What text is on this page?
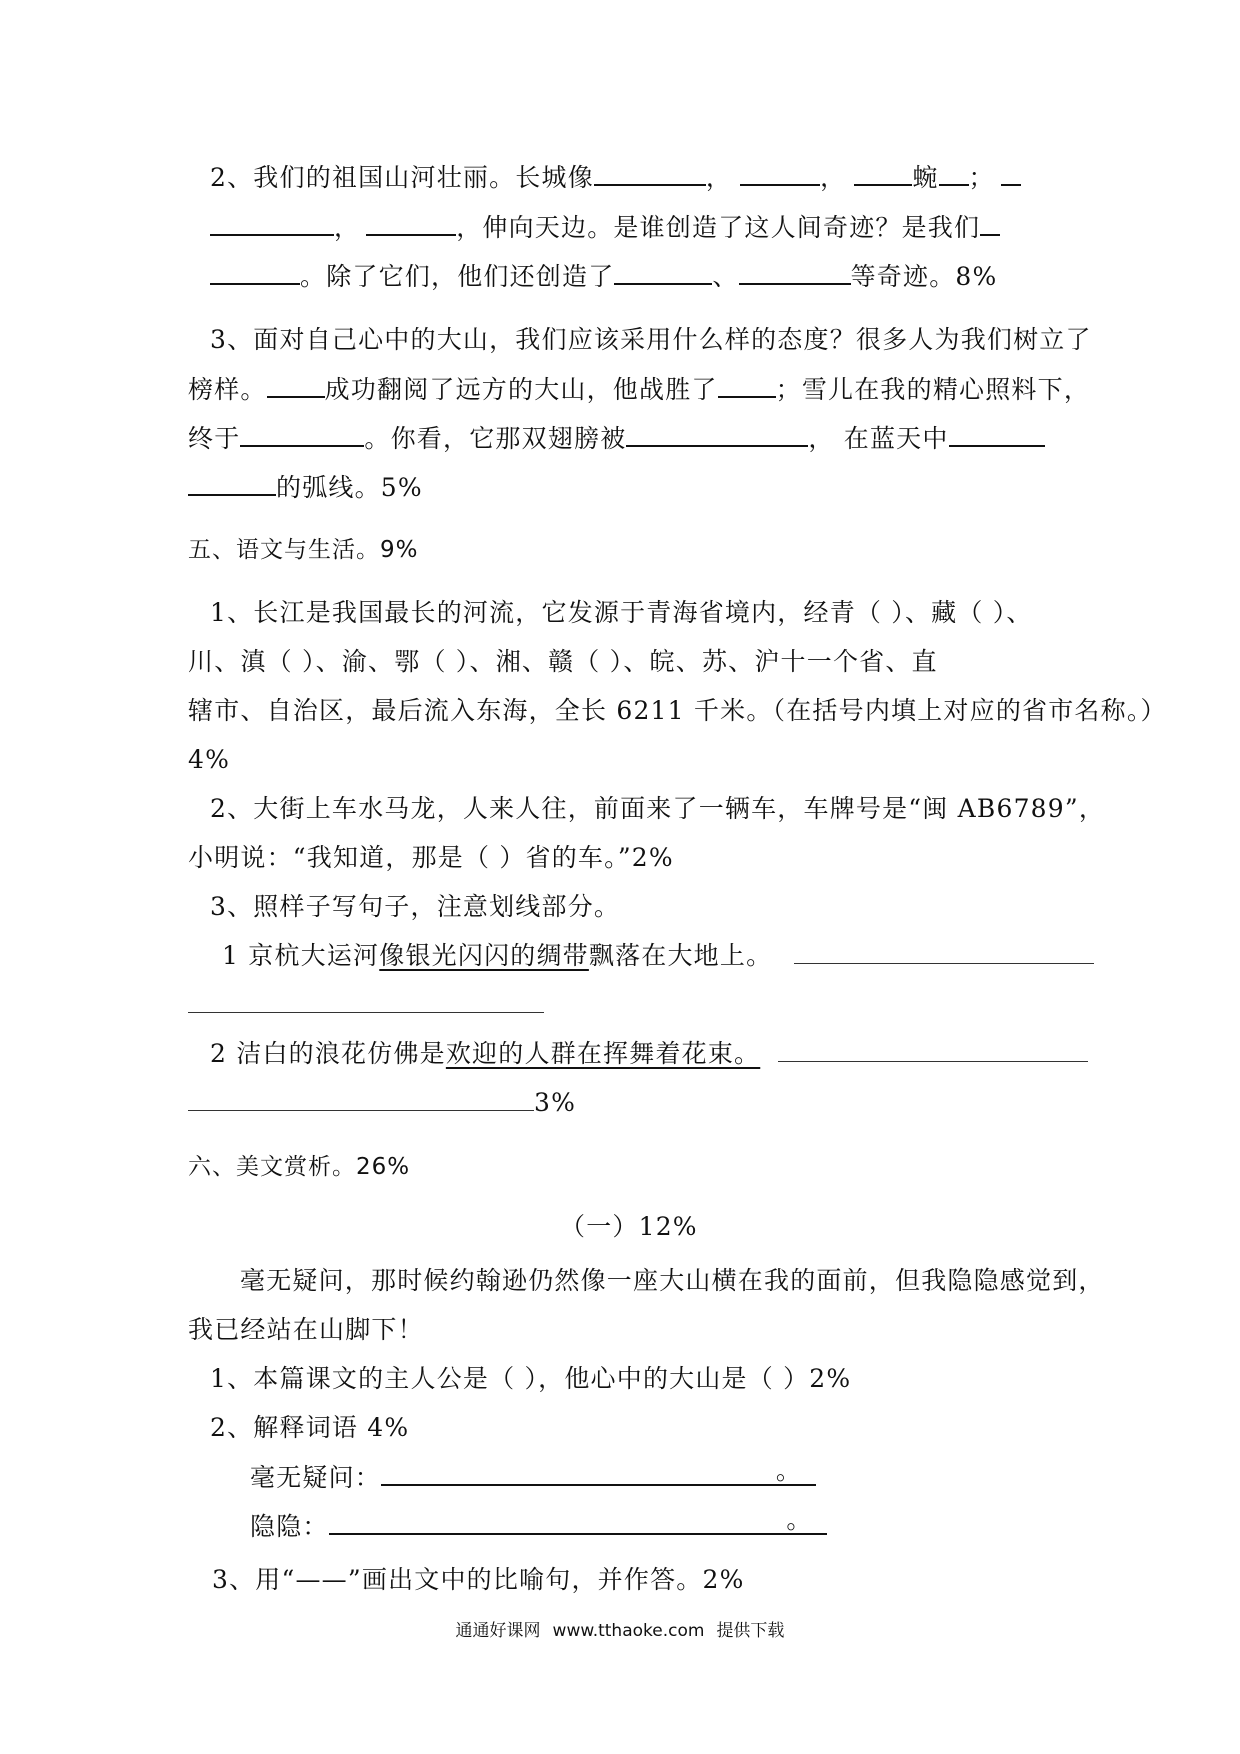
2、我们的祖国山河壮丽。长城像	，	，	蜿 ；
，	，伸向天边。是谁创造了这人间奇迹？是我们
。除了它们，他们还创造了	、	等奇迹。8%
3、面对自己心中的大山，我们应该采用什么样的态度？很多人为我们树立了
榜样。 成功翻阅了远方的大山，他战胜了 ；雪儿在我的精心照料下，
终于	。你看，它那双翅膀被	， 在蓝天中
的弧线。5%
五、语文与生活。9%
1、长江是我国最长的河流，它发源于青海省境内，经青（ ）、藏（ ）、
川、滇（ ）、渝、鄂（ ）、湘、赣（ ）、皖、苏、沪十一个省、直
辖市、自治区，最后流入东海，全长 6211 千米。（在括号内填上对应的省市名称。）
4%
2、大街上车水马龙，人来人往，前面来了一辆车，车牌号是“闽 AB6789”，
小明说：“我知道，那是（ ）省的车。”2%
3、照样子写句子，注意划线部分。
1 京杭大运河像银光闪闪的绸带飘落在大地上。
2 洁白的浪花仿佛是欢迎的人群在挥舞着花束。
3%
六、美文赏析。26%
（一）12%
毫无疑问，那时候约翰逊仍然像一座大山横在我的面前，但我隐隐感觉到，
我已经站在山脚下！
1、本篇课文的主人公是（ ），他心中的大山是（ ）2%
2、解释词语 4%
毫无疑问：	。
隐隐：	。
3、用“——”画出文中的比喻句，并作答。2%
通通好课网 www.tthaoke.com 提供下载
